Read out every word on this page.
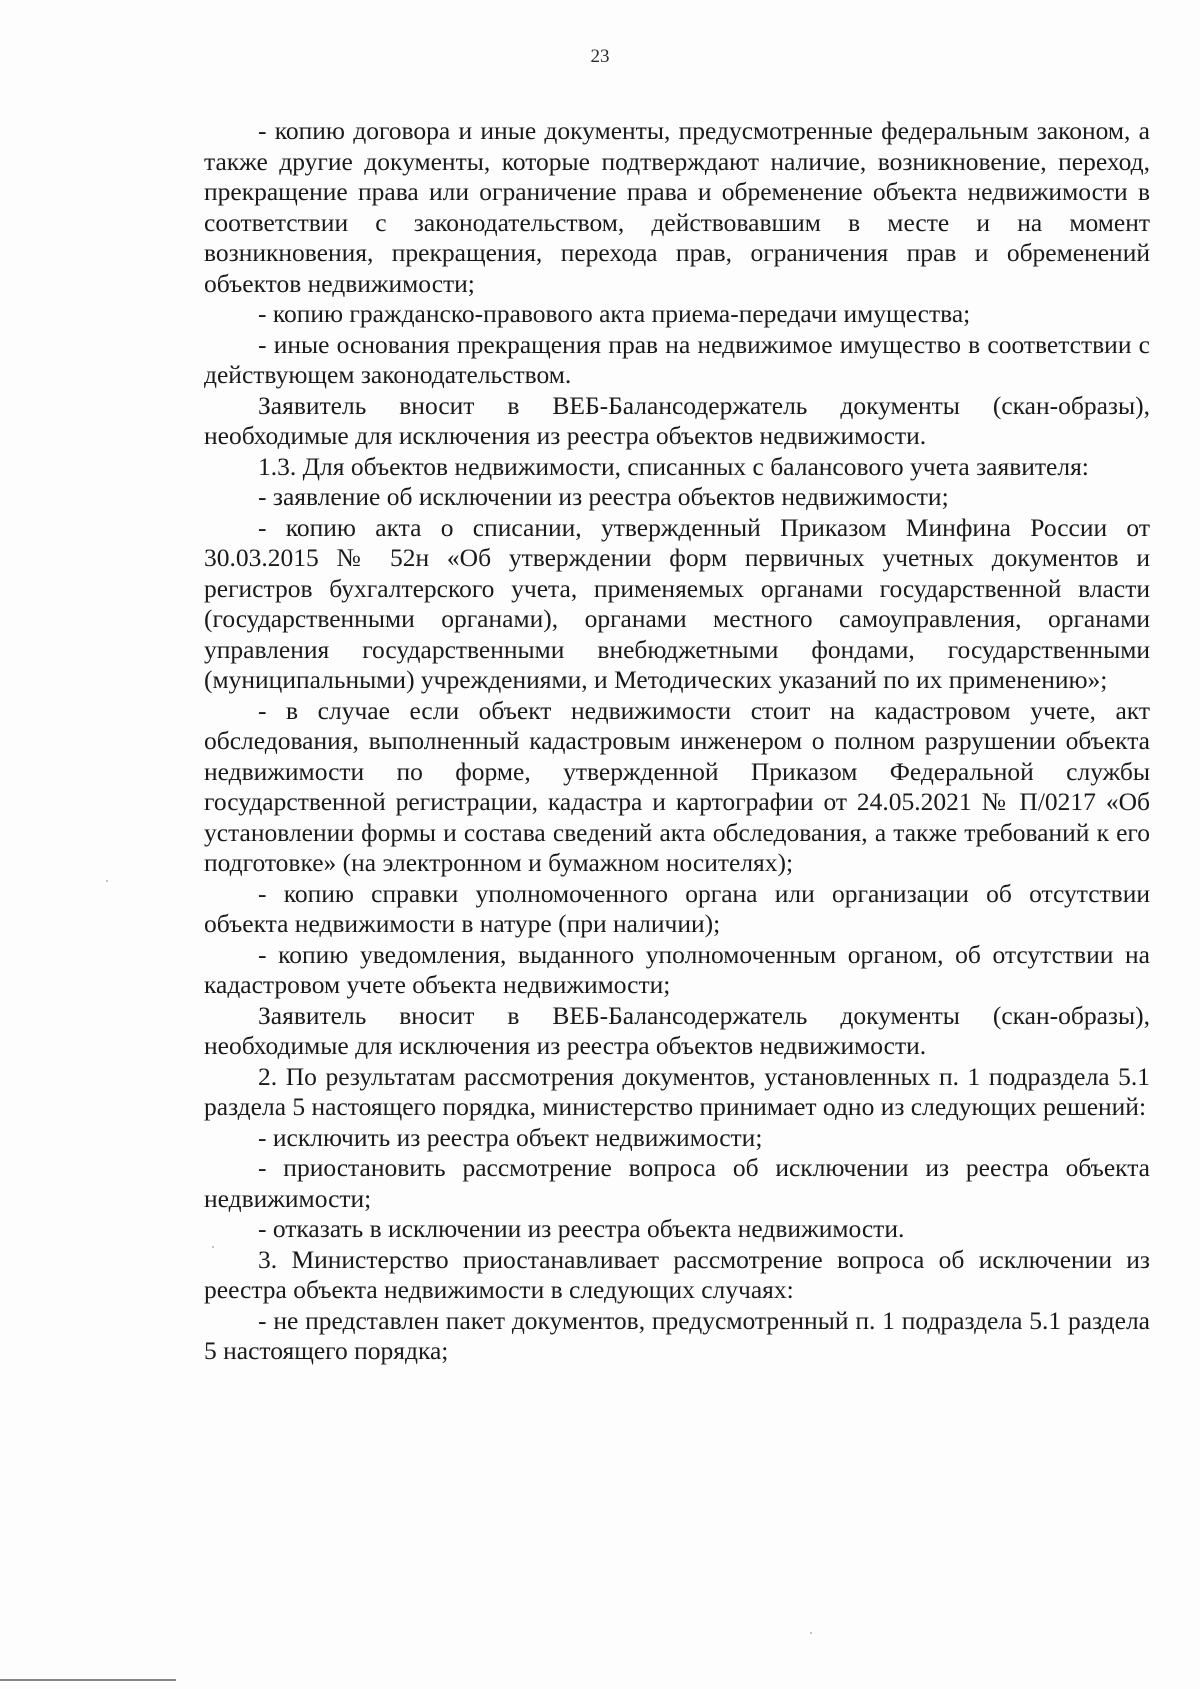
23

- копию договора и иные документы, предусмотренные федеральным законом, а также другие документы, которые подтверждают наличие, возникновение, переход, прекращение права или ограничение права и обременение объекта недвижимости в соответствии с законодательством, действовавшим в месте и на момент возникновения, прекращения, перехода прав, ограничения прав и обременений объектов недвижимости;

- копию гражданско-правового акта приема-передачи имущества;

- иные основания прекращения прав на недвижимое имущество в соответствии с действующем законодательством.

Заявитель вносит в ВЕБ-Балансодержатель документы (скан-образы), необходимые для исключения из реестра объектов недвижимости.

1.3. Для объектов недвижимости, списанных с балансового учета заявителя:

- заявление об исключении из реестра объектов недвижимости;

- копию акта о списании, утвержденный Приказом Минфина России от 30.03.2015 № 52н «Об утверждении форм первичных учетных документов и регистров бухгалтерского учета, применяемых органами государственной власти (государственными органами), органами местного самоуправления, органами управления государственными внебюджетными фондами, государственными (муниципальными) учреждениями, и Методических указаний по их применению»;

- в случае если объект недвижимости стоит на кадастровом учете, акт обследования, выполненный кадастровым инженером о полном разрушении объекта недвижимости по форме, утвержденной Приказом Федеральной службы государственной регистрации, кадастра и картографии от 24.05.2021 № П/0217 «Об установлении формы и состава сведений акта обследования, а также требований к его подготовке» (на электронном и бумажном носителях);

- копию справки уполномоченного органа или организации об отсутствии объекта недвижимости в натуре (при наличии);

- копию уведомления, выданного уполномоченным органом, об отсутствии на кадастровом учете объекта недвижимости;

Заявитель вносит в ВЕБ-Балансодержатель документы (скан-образы), необходимые для исключения из реестра объектов недвижимости.

2. По результатам рассмотрения документов, установленных п. 1 подраздела 5.1 раздела 5 настоящего порядка, министерство принимает одно из следующих решений:

- исключить из реестра объект недвижимости;

- приостановить рассмотрение вопроса об исключении из реестра объекта недвижимости;

- отказать в исключении из реестра объекта недвижимости.

3. Министерство приостанавливает рассмотрение вопроса об исключении из реестра объекта недвижимости в следующих случаях:

- не представлен пакет документов, предусмотренный п. 1 подраздела 5.1 раздела 5 настоящего порядка;
